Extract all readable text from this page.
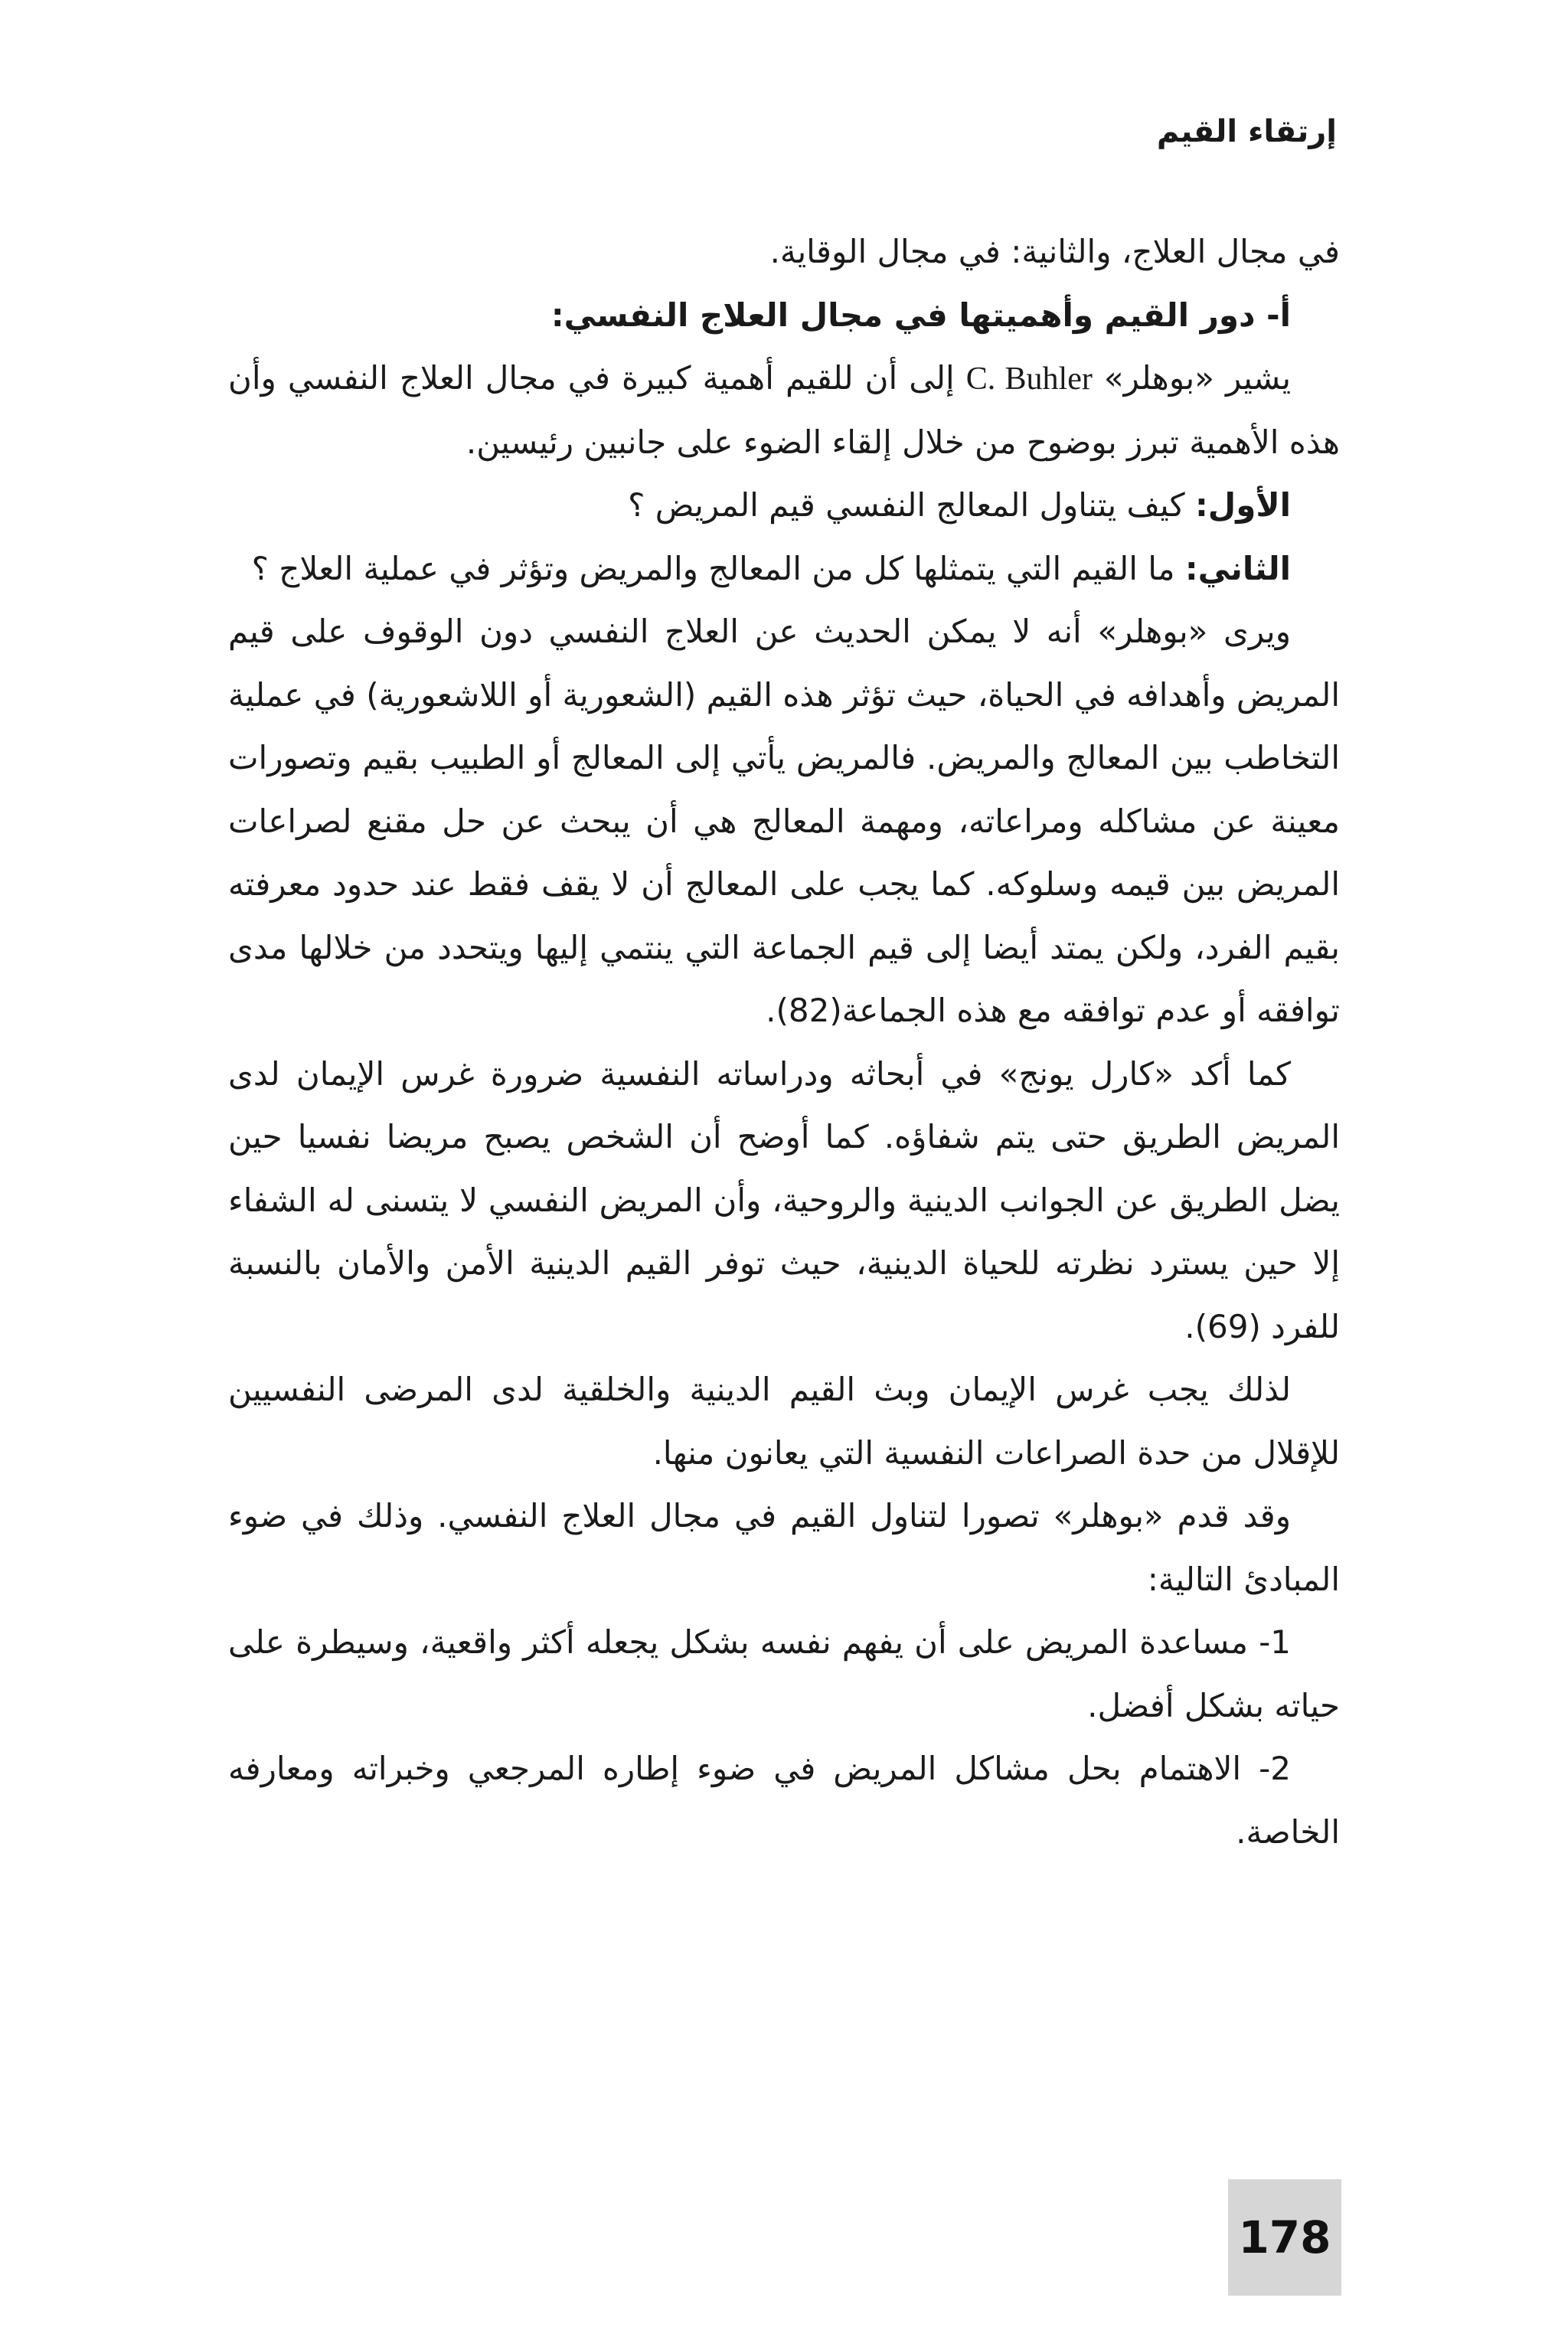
إرتقاء القيم

في مجال العلاج، والثانية: في مجال الوقاية.

أ- دور القيم وأهميتها في مجال العلاج النفسي:

يشير «بوهلر» C. Buhler إلى أن للقيم أهمية كبيرة في مجال العلاج النفسي وأن هذه الأهمية تبرز بوضوح من خلال إلقاء الضوء على جانبين رئيسين.

الأول: كيف يتناول المعالج النفسي قيم المريض ؟

الثاني: ما القيم التي يتمثلها كل من المعالج والمريض وتؤثر في عملية العلاج ؟

ويرى «بوهلر» أنه لا يمكن الحديث عن العلاج النفسي دون الوقوف على قيم المريض وأهدافه في الحياة، حيث تؤثر هذه القيم (الشعورية أو اللاشعورية) في عملية التخاطب بين المعالج والمريض. فالمريض يأتي إلى المعالج أو الطبيب بقيم وتصورات معينة عن مشاكله ومراعاته، ومهمة المعالج هي أن يبحث عن حل مقنع لصراعات المريض بين قيمه وسلوكه. كما يجب على المعالج أن لا يقف فقط عند حدود معرفته بقيم الفرد، ولكن يمتد أيضا إلى قيم الجماعة التي ينتمي إليها ويتحدد من خلالها مدى توافقه أو عدم توافقه مع هذه الجماعة(82).

كما أكد «كارل يونج» في أبحاثه ودراساته النفسية ضرورة غرس الإيمان لدى المريض الطريق حتى يتم شفاؤه. كما أوضح أن الشخص يصبح مريضا نفسيا حين يضل الطريق عن الجوانب الدينية والروحية، وأن المريض النفسي لا يتسنى له الشفاء إلا حين يسترد نظرته للحياة الدينية، حيث توفر القيم الدينية الأمن والأمان بالنسبة للفرد (69).

لذلك يجب غرس الإيمان وبث القيم الدينية والخلقية لدى المرضى النفسيين للإقلال من حدة الصراعات النفسية التي يعانون منها.

وقد قدم «بوهلر» تصورا لتناول القيم في مجال العلاج النفسي. وذلك في ضوء المبادئ التالية:

1- مساعدة المريض على أن يفهم نفسه بشكل يجعله أكثر واقعية، وسيطرة على حياته بشكل أفضل.

2- الاهتمام بحل مشاكل المريض في ضوء إطاره المرجعي وخبراته ومعارفه الخاصة.

178
